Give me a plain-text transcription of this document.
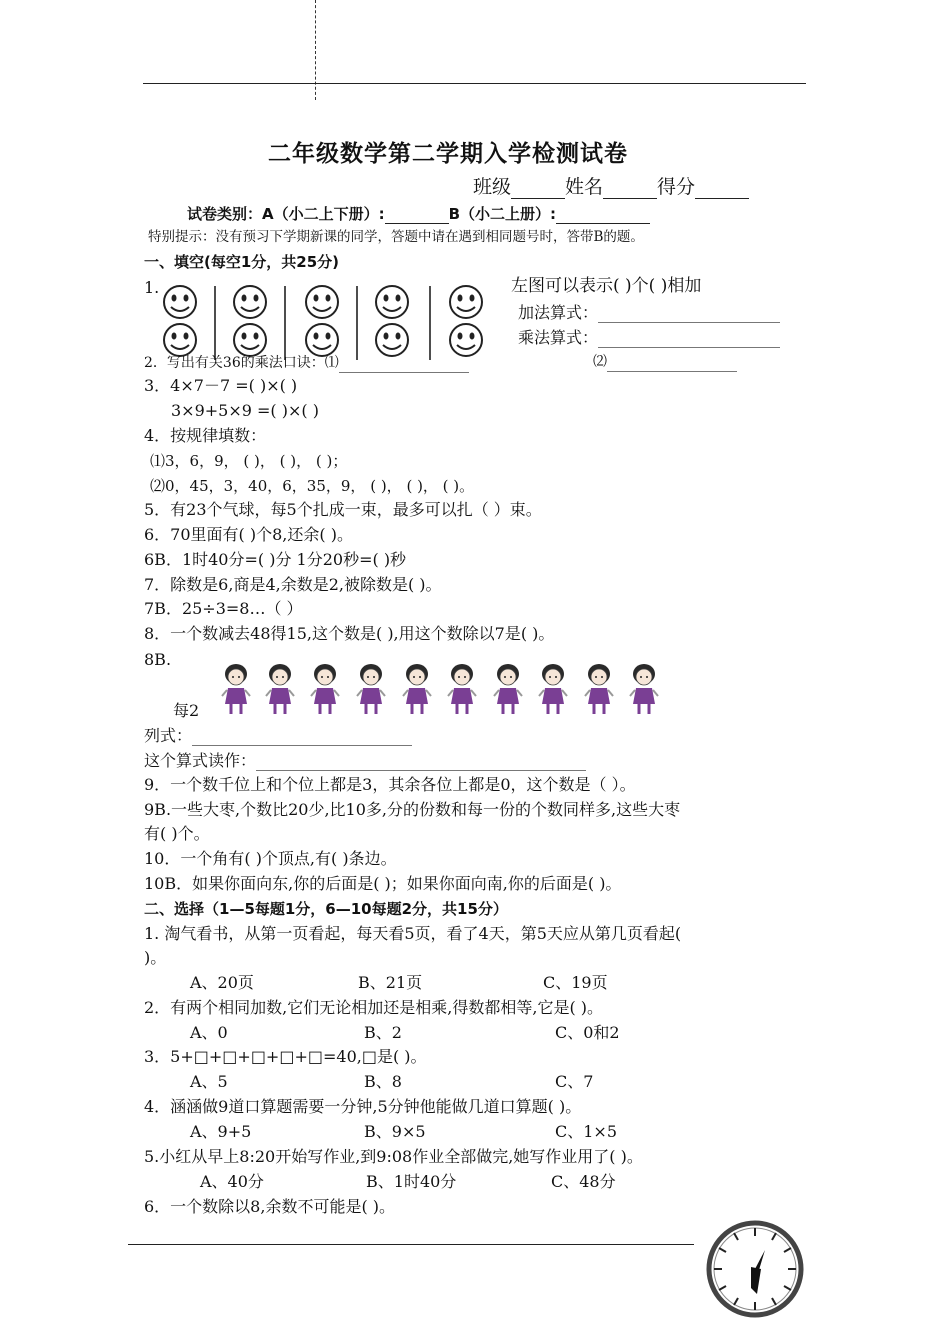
二年级数学第二学期入学检测试卷
班级	姓名	得分
试卷类别：A（小二上下册）:	B（小二上册）:
特别提示：没有预习下学期新课的同学，答题中请在遇到相同题号时，答带B的题。
一、填空(每空1分，共25分)
1.	左图可以表示( )个( )相加
加法算式：
乘法算式：
2．写出有关36的乘法口诀：⑴	⑵
3．4×7－7 =( )×( )
3×9+5×9 =( )×( )
4．按规律填数：
⑴3，6，9， ( )， ( )， ( )；
⑵0，45，3，40，6，35，9， ( )， ( )， ( )。
5．有23个气球，每5个扎成一束，最多可以扎（ ）束。
6．70里面有( )个8,还余( )。
6B．1时40分=( )分 1分20秒=( )秒
7．除数是6,商是4,余数是2,被除数是( )。
7B．25÷3=8…（ ）
8．一个数减去48得15,这个数是( ),用这个数除以7是( )。
8B.
每2
列式：
这个算式读作：
9．一个数千位上和个位上都是3，其余各位上都是0，这个数是（ ）。
9B.一些大枣,个数比20少,比10多,分的份数和每一份的个数同样多,这些大枣
有( )个。
10．一个角有( )个顶点,有( )条边。
10B．如果你面向东,你的后面是( )；如果你面向南,你的后面是( )。
二、选择（1—5每题1分，6—10每题2分，共15分）
1. 淘气看书，从第一页看起，每天看5页，看了4天，第5天应从第几页看起(
)。
A、20页	B、21页	C、19页
2．有两个相同加数,它们无论相加还是相乘,得数都相等,它是( )。
A、0	B、2	C、0和2
3．5+□+□+□+□+□=40,□是( )。
A、5	B、8	C、7
4．涵涵做9道口算题需要一分钟,5分钟他能做几道口算题( )。
A、9+5	B、9×5	C、1×5
5.小红从早上8:20开始写作业,到9:08作业全部做完,她写作业用了( )。
A、40分	B、1时40分	C、48分
6．一个数除以8,余数不可能是( )。
